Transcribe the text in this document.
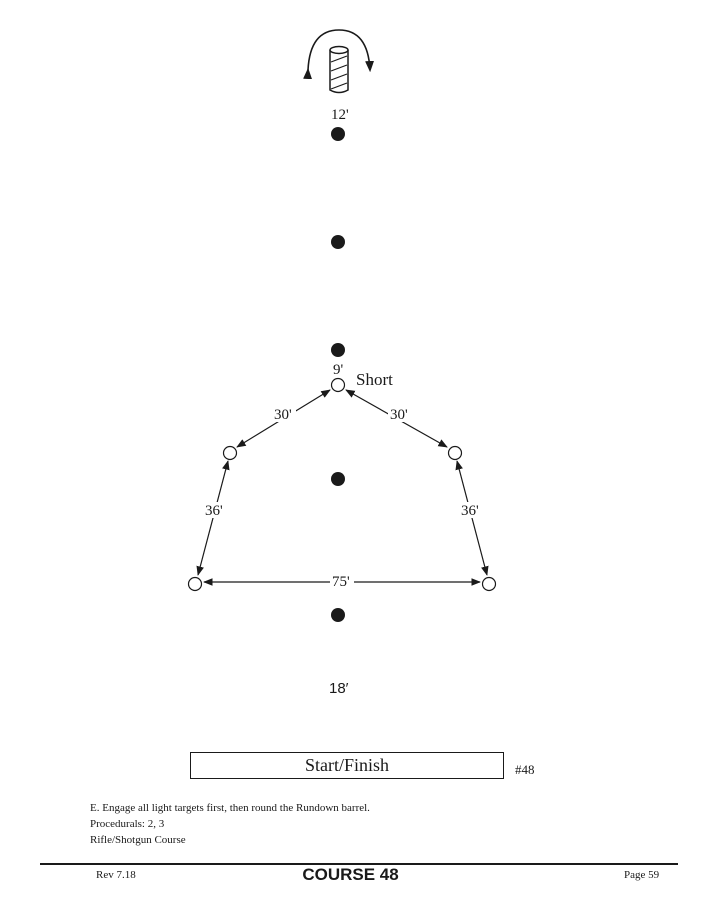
12'
9'
18′
Short
30'	30'
36'	36'
75'
Start/Finish	#48
E. Engage all light targets first, then round the Rundown barrel.
Procedurals: 2, 3
Rifle/Shotgun Course
Rev 7.18	COURSE 48	Page 59
